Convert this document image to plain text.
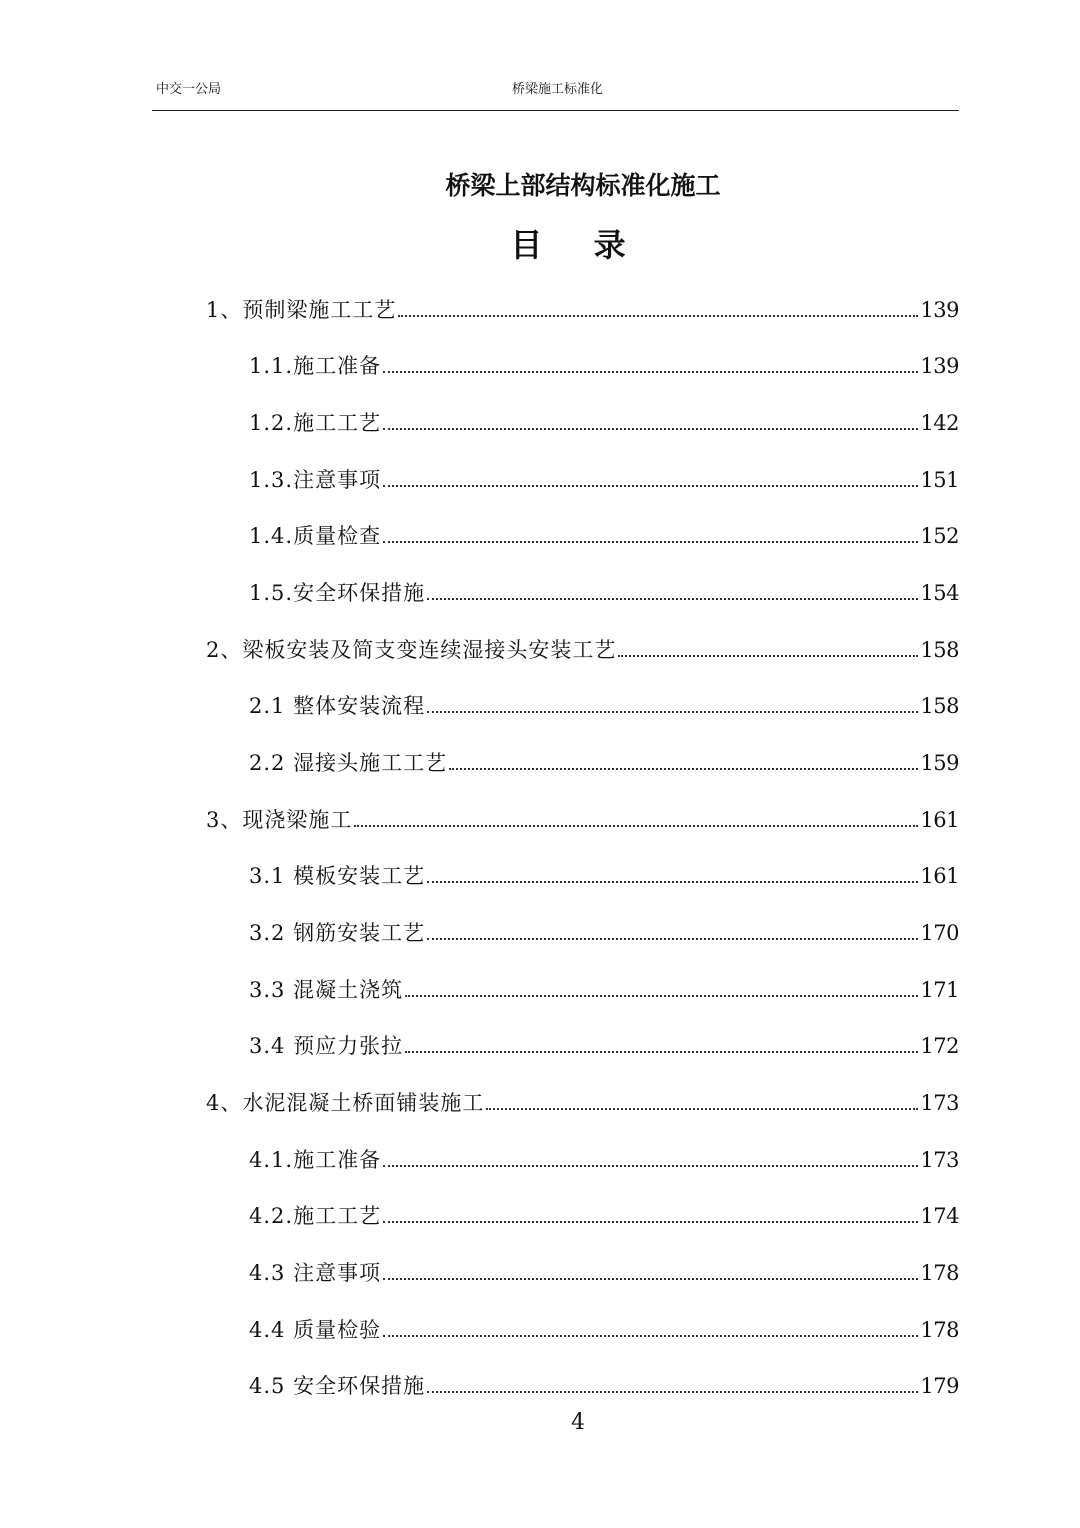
中交一公局	桥梁施工标准化
桥梁上部结构标准化施工
目 录
1、预制梁施工工艺	139
1.1.施工准备	139
1.2.施工工艺	142
1.3.注意事项	151
1.4.质量检查	152
1.5.安全环保措施	154
2、梁板安装及简支变连续湿接头安装工艺	158
2.1 整体安装流程	158
2.2 湿接头施工工艺	159
3、现浇梁施工	161
3.1 模板安装工艺	161
3.2 钢筋安装工艺	170
3.3 混凝土浇筑	171
3.4 预应力张拉	172
4、水泥混凝土桥面铺装施工	173
4.1.施工准备	173
4.2.施工工艺	174
4.3 注意事项	178
4.4 质量检验	178
4.5 安全环保措施	179
4
